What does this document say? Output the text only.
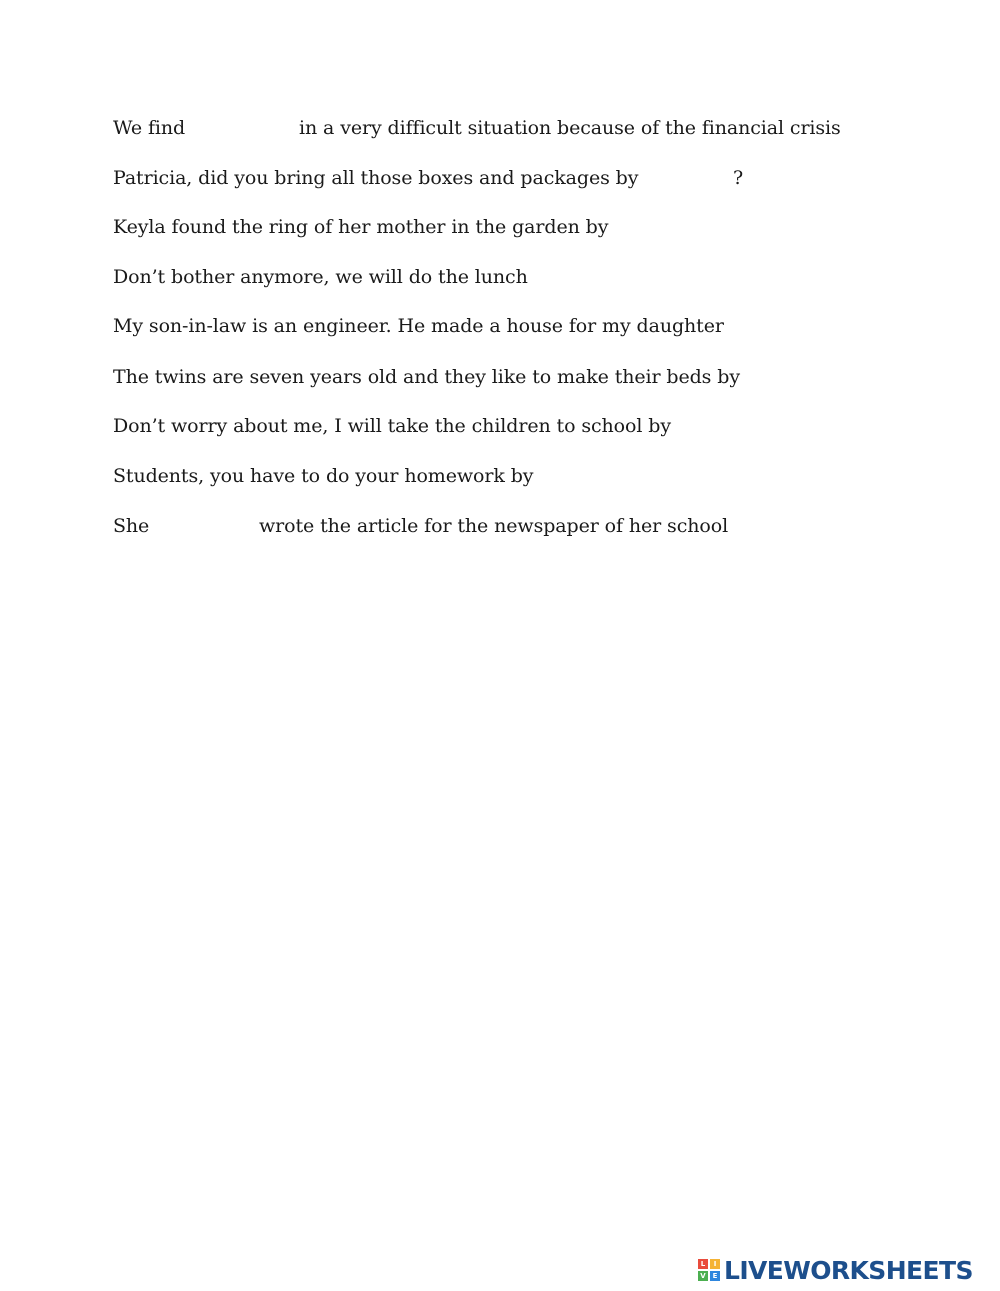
We find	in a very difficult situation because of the financial crisis
Patricia, did you bring all those boxes and packages by	?
Keyla found the ring of her mother in the garden by
Don’t bother anymore, we will do the lunch
My son-in-law is an engineer. He made a house for my daughter
The twins are seven years old and they like to make their beds by
Don’t worry about me, I will take the children to school by
Students, you have to do your homework by
She	wrote the article for the newspaper of her school
L	I
V E LIVEWORKSHEETS
